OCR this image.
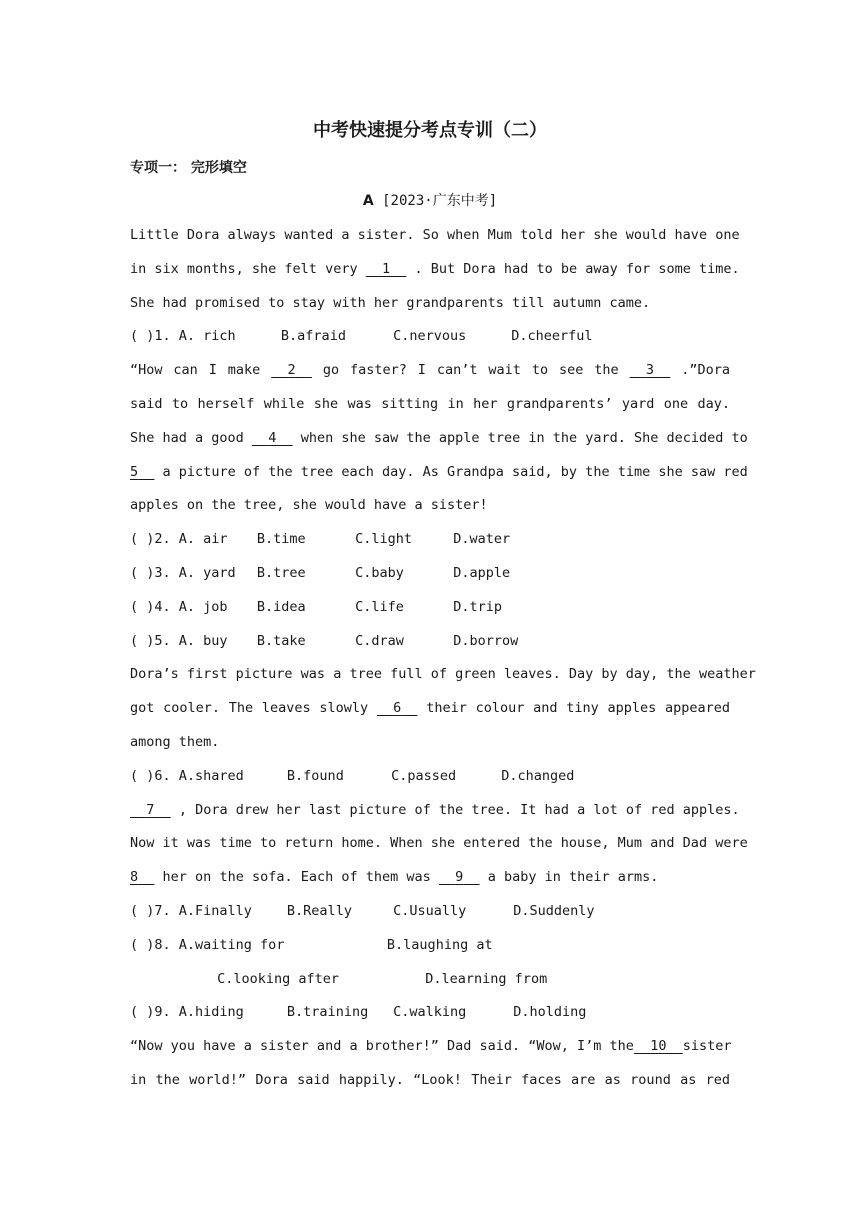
中考快速提分考点专训（二）
专项一： 完形填空
A [2023·广东中考]
Little Dora always wanted a sister. So when Mum told her she would have one
in six months, she felt very 1 . But Dora had to be away for some time.
She had promised to stay with her grandparents till autumn came.
( )1. A. rich	B.afraid	C.nervous	D.cheerful
“How can I make 2 go faster? I can’t wait to see the 3 .”Dora
said to herself while she was sitting in her grandparents’ yard one day.
She had a good 4 when she saw the apple tree in the yard. She decided to
5 a picture of the tree each day. As Grandpa said, by the time she saw red
apples on the tree, she would have a sister!
( )2. A. air B.time	C.light	D.water
( )3. A. yard B.tree	C.baby	D.apple
( )4. A. job B.idea	C.life	D.trip
( )5. A. buy B.take	C.draw	D.borrow
Dora’s first picture was a tree full of green leaves. Day by day, the weather
got cooler. The leaves slowly 6 their colour and tiny apples appeared
among them.
( )6. A.shared	B.found	C.passed	D.changed
7 , Dora drew her last picture of the tree. It had a lot of red apples.
Now it was time to return home. When she entered the house, Mum and Dad were
8 her on the sofa. Each of them was 9 a baby in their arms.
( )7. A.Finally	B.Really	C.Usually	D.Suddenly
( )8. A.waiting for	B.laughing at
C.looking after	D.learning from
( )9. A.hiding	B.training C.walking	D.holding
“Now you have a sister and a brother!” Dad said. “Wow, I’m the 10 sister
in the world!” Dora said happily. “Look! Their faces are as round as red
